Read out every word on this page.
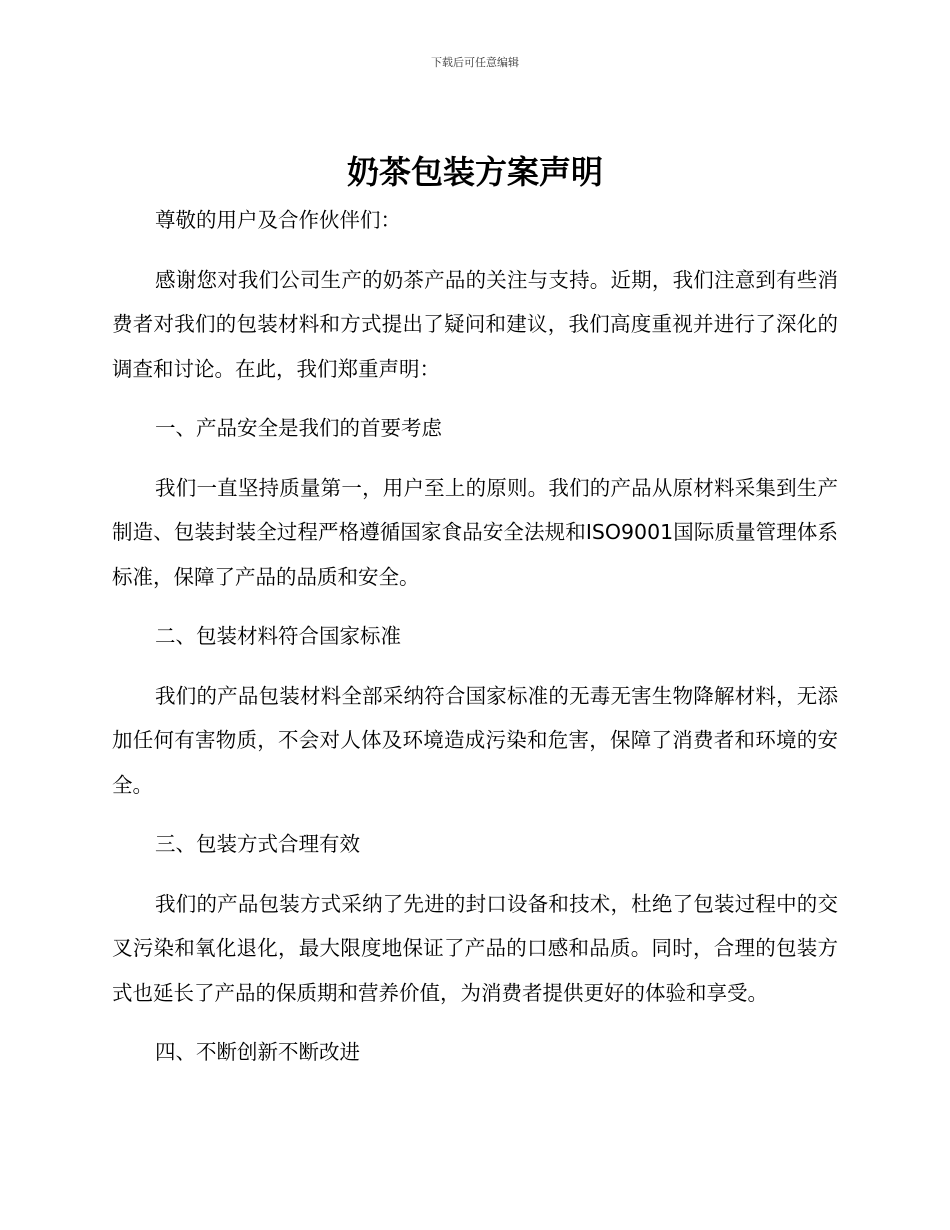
下载后可任意编辑
奶茶包装方案声明

尊敬的用户及合作伙伴们：

感谢您对我们公司生产的奶茶产品的关注与支持。近期，我们注意到有些消费者对我们的包装材料和方式提出了疑问和建议，我们高度重视并进行了深化的调查和讨论。在此，我们郑重声明：

一、产品安全是我们的首要考虑

我们一直坚持质量第一，用户至上的原则。我们的产品从原材料采集到生产制造、包装封装全过程严格遵循国家食品安全法规和ISO9001国际质量管理体系标准，保障了产品的品质和安全。

二、包装材料符合国家标准

我们的产品包装材料全部采纳符合国家标准的无毒无害生物降解材料，无添加任何有害物质，不会对人体及环境造成污染和危害，保障了消费者和环境的安全。

三、包装方式合理有效

我们的产品包装方式采纳了先进的封口设备和技术，杜绝了包装过程中的交叉污染和氧化退化，最大限度地保证了产品的口感和品质。同时，合理的包装方式也延长了产品的保质期和营养价值，为消费者提供更好的体验和享受。

四、不断创新不断改进
